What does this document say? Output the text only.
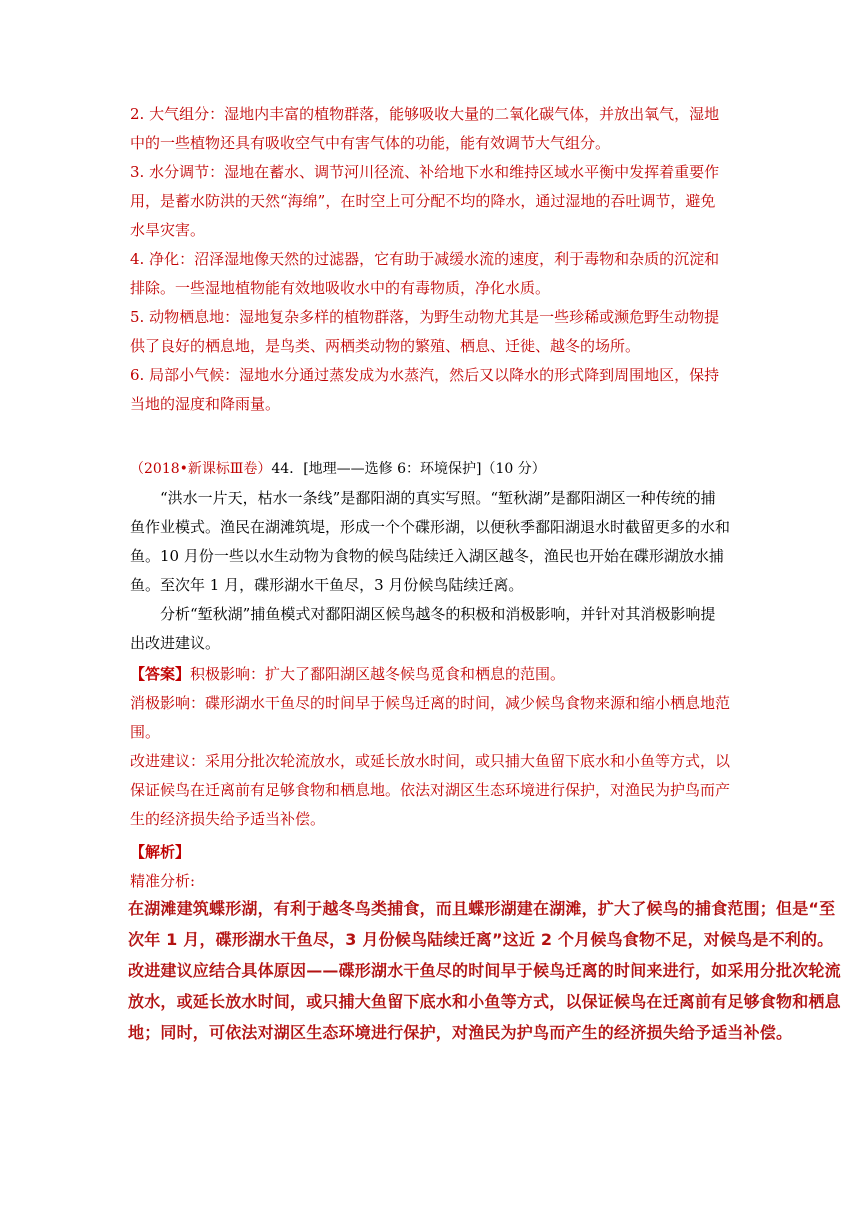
2. 大气组分：湿地内丰富的植物群落，能够吸收大量的二氧化碳气体，并放出氧气，湿地中的一些植物还具有吸收空气中有害气体的功能，能有效调节大气组分。

3. 水分调节：湿地在蓄水、调节河川径流、补给地下水和维持区域水平衡中发挥着重要作用，是蓄水防洪的天然“海绵”，在时空上可分配不均的降水，通过湿地的吞吐调节，避免水旱灾害。

4. 净化：沼泽湿地像天然的过滤器，它有助于减缓水流的速度，利于毒物和杂质的沉淀和排除。一些湿地植物能有效地吸收水中的有毒物质，净化水质。

5. 动物栖息地：湿地复杂多样的植物群落，为野生动物尤其是一些珍稀或濒危野生动物提供了良好的栖息地，是鸟类、两栖类动物的繁殖、栖息、迁徙、越冬的场所。

6. 局部小气候：湿地水分通过蒸发成为水蒸汽，然后又以降水的形式降到周围地区，保持当地的湿度和降雨量。

（2018•新课标Ⅲ卷）44．[地理——选修 6：环境保护]（10 分）

“洪水一片天，枯水一条线”是鄱阳湖的真实写照。“堑秋湖”是鄱阳湖区一种传统的捕鱼作业模式。渔民在湖滩筑堤，形成一个个碟形湖，以便秋季鄱阳湖退水时截留更多的水和鱼。10 月份一些以水生动物为食物的候鸟陆续迁入湖区越冬，渔民也开始在碟形湖放水捕鱼。至次年 1 月，碟形湖水干鱼尽，3 月份候鸟陆续迁离。

分析“堑秋湖”捕鱼模式对鄱阳湖区候鸟越冬的积极和消极影响，并针对其消极影响提出改进建议。

【答案】积极影响：扩大了鄱阳湖区越冬候鸟觅食和栖息的范围。

消极影响：碟形湖水干鱼尽的时间早于候鸟迁离的时间，减少候鸟食物来源和缩小栖息地范围。

改进建议：采用分批次轮流放水，或延长放水时间，或只捕大鱼留下底水和小鱼等方式，以保证候鸟在迁离前有足够食物和栖息地。依法对湖区生态环境进行保护，对渔民为护鸟而产生的经济损失给予适当补偿。

【解析】

精准分析:

在湖滩建筑蝶形湖，有利于越冬鸟类捕食，而且蝶形湖建在湖滩，扩大了候鸟的捕食范围；但是“至次年 1 月，碟形湖水干鱼尽，3 月份候鸟陆续迁离”这近 2 个月候鸟食物不足，对候鸟是不利的。改进建议应结合具体原因——碟形湖水干鱼尽的时间早于候鸟迁离的时间来进行，如采用分批次轮流放水，或延长放水时间，或只捕大鱼留下底水和小鱼等方式，以保证候鸟在迁离前有足够食物和栖息地；同时，可依法对湖区生态环境进行保护，对渔民为护鸟而产生的经济损失给予适当补偿。
